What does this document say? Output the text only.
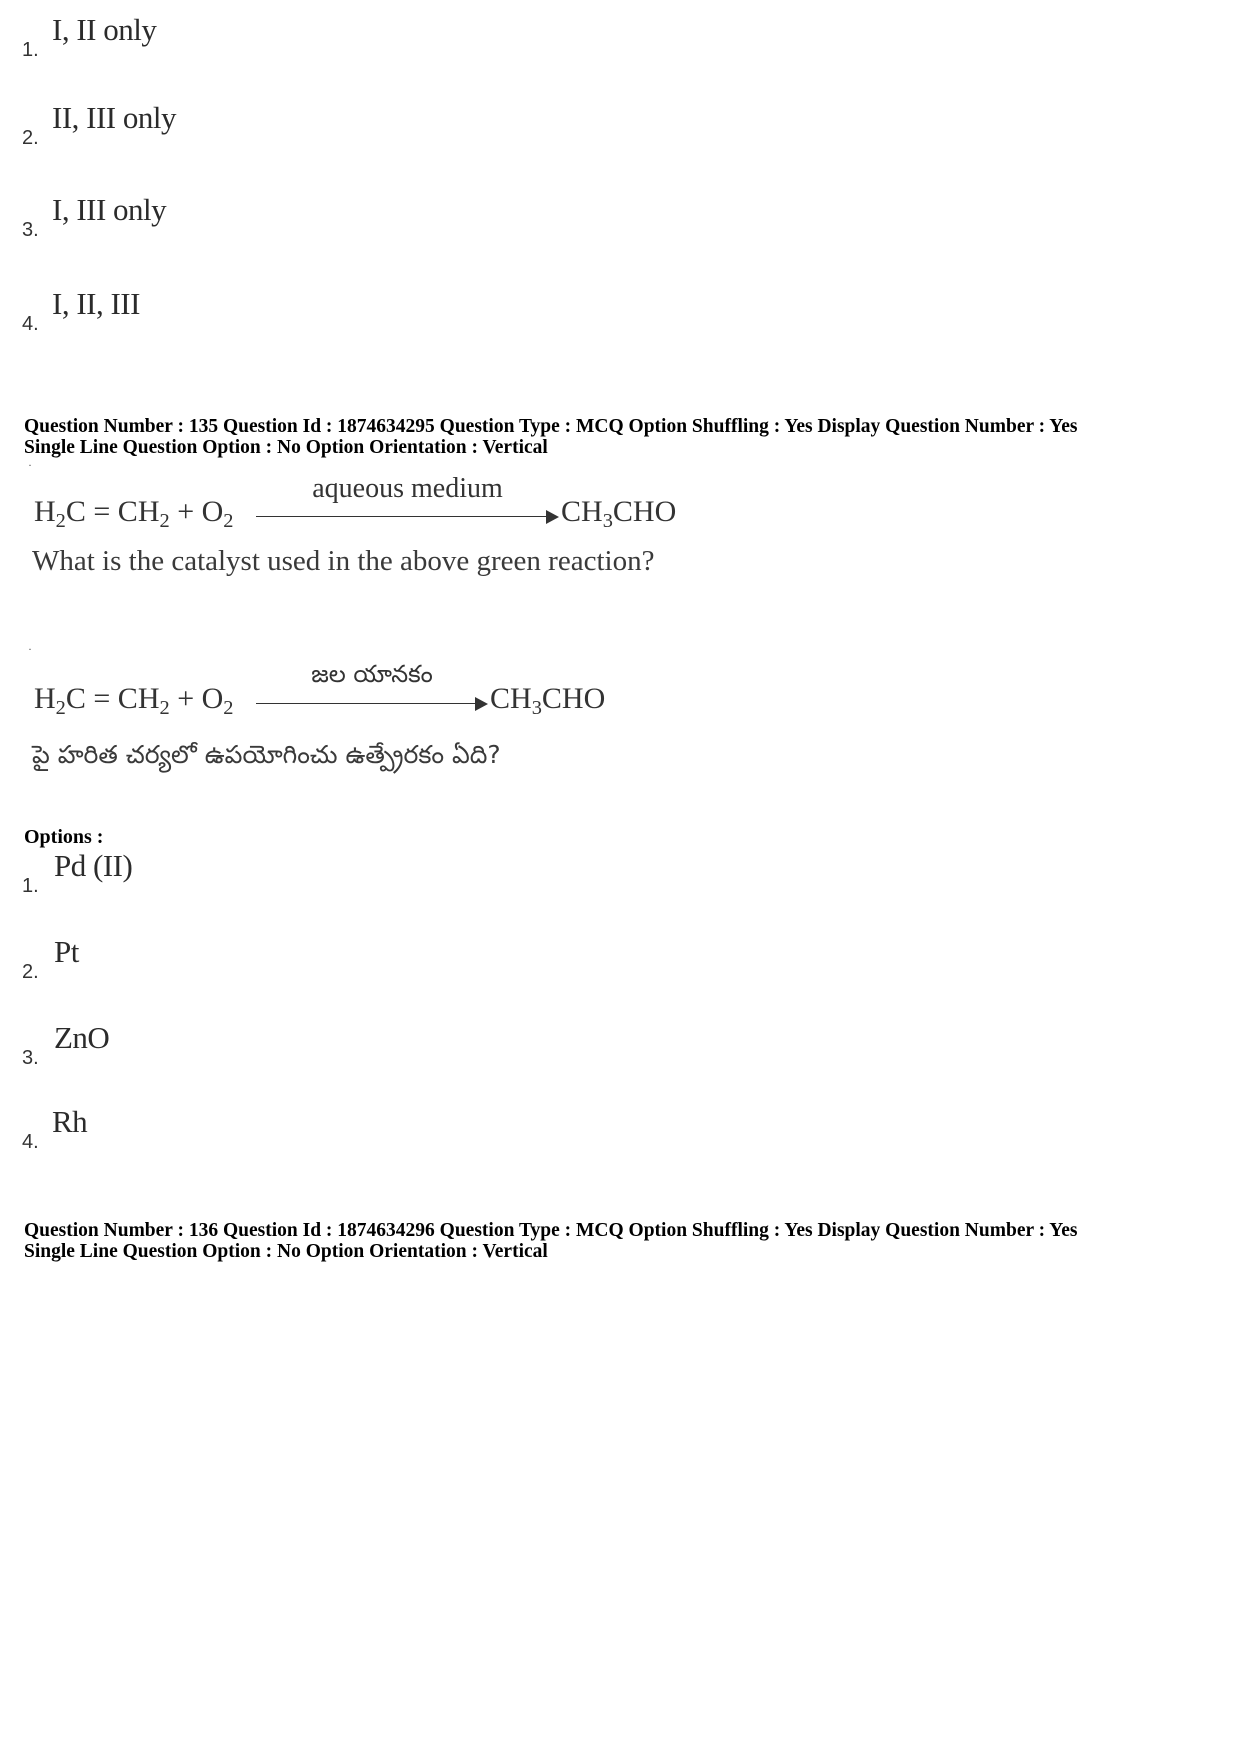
1.
I, II only
2.
II, III only
3.
I, III only
4.
I, II, III
Question Number : 135 Question Id : 1874634295 Question Type : MCQ Option Shuffling : Yes Display Question Number : Yes
Single Line Question Option : No Option Orientation : Vertical
·
$H_2C = CH_2 + O_2$
aqueous medium
$CH_3CHO$
What is the catalyst used in the above green reaction?
·
$H_2C = CH_2 + O_2$
జల యానకం
$CH_3CHO$
పై హరిత చర్యలో ఉపయోగించు ఉత్ప్రేరకం ఏది?
Options :
1.
Pd (II)
2.
Pt
3.
ZnO
4.
Rh
Question Number : 136 Question Id : 1874634296 Question Type : MCQ Option Shuffling : Yes Display Question Number : Yes
Single Line Question Option : No Option Orientation : Vertical
